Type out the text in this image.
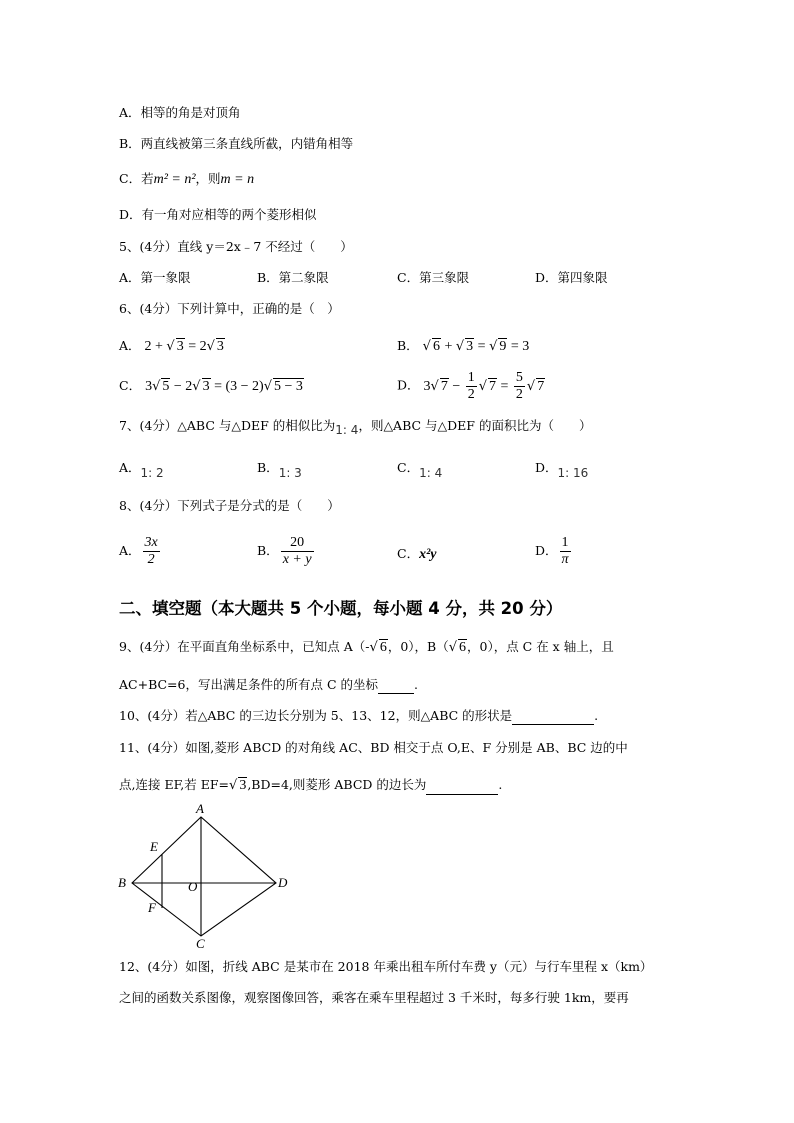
A．相等的角是对顶角
B．两直线被第三条直线所截，内错角相等
C．若m² = n²，则m = n
D．有一角对应相等的两个菱形相似
5、(4分）直线 y＝2x﹣7 不经过（　　）
A．第一象限	B．第二象限	C．第三象限	D．第四象限
6、(4分）下列计算中，正确的是（　）
A． 2 + √ 3 = 2√ 3	B． √ 6 + √ 3 = √ 9 = 3
C． 3√ 5 − 2√ 3 = (3 − 2)√ 5 − 3	D． 3√ $7 - \frac{1}{2}$ √ $7 = \frac{5}{2}$ √ 7
7、(4分）△ABC 与△DEF 的相似比为1: 4，则△ABC 与△DEF 的面积比为（　　）
A．1: 2	B．1: 3	C．1: 4	D．1: 16
8、(4分）下列式子是分式的是（　　）
A． $\frac{3x}{2}$	B． $\frac{20}{x + y}$	C．x²y	D． $\frac{1}{\pi}$
二、填空题（本大题共 5 个小题，每小题 4 分，共 20 分）
9、(4分）在平面直角坐标系中，已知点 A（-√ 6，0），B（√ 6，0），点 C 在 x 轴上，且
AC+BC=6，写出满足条件的所有点 C 的坐标	.
10、(4分）若△ABC 的三边长分别为 5、13、12，则△ABC 的形状是	.
11、(4分）如图,菱形 ABCD 的对角线 AC、BD 相交于点 O,E、F 分别是 AB、BC 边的中
点,连接 EF,若 EF=√ 3,BD=4,则菱形 ABCD 的边长为	.
A
B
C
D
E
F
O
12、(4分）如图，折线 ABC 是某市在 2018 年乘出租车所付车费 y（元）与行车里程 x（km）
之间的函数关系图像，观察图像回答，乘客在乘车里程超过 3 千米时，每多行驶 1km，要再
